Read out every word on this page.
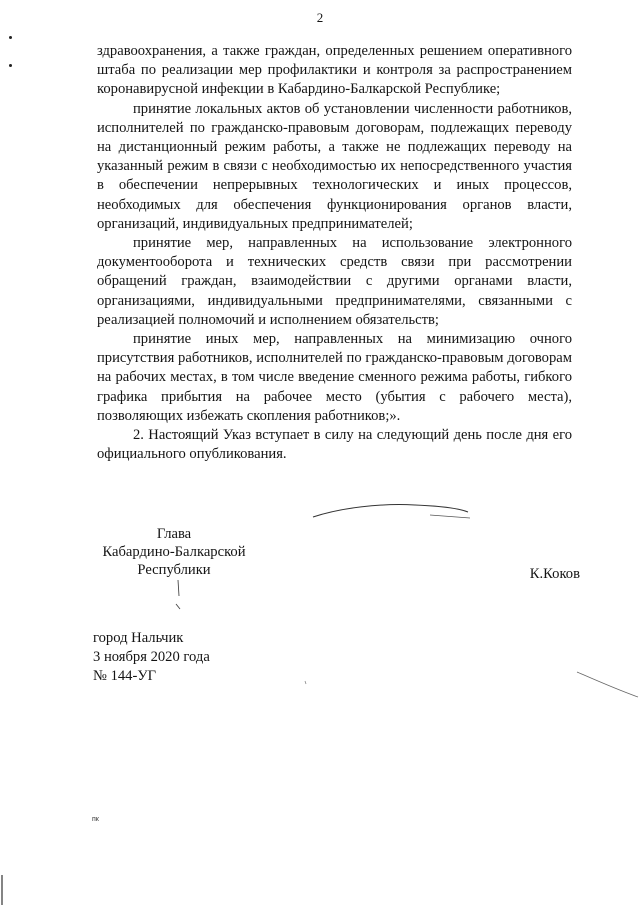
2

здравоохранения, а также граждан, определенных решением оперативного штаба по реализации мер профилактики и контроля за распространением коронавирусной инфекции в Кабардино-Балкарской Республике;

принятие локальных актов об установлении численности работников, исполнителей по гражданско-правовым договорам, подлежащих переводу на дистанционный режим работы, а также не подлежащих переводу на указанный режим в связи с необходимостью их непосредственного участия в обеспечении непрерывных технологических и иных процессов, необходимых для обеспечения функционирования органов власти, организаций, индивидуальных предпринимателей;

принятие мер, направленных на использование электронного документооборота и технических средств связи при рассмотрении обращений граждан, взаимодействии с другими органами власти, организациями, индивидуальными предпринимателями, связанными с реализацией полномочий и исполнением обязательств;

принятие иных мер, направленных на минимизацию очного присутствия работников, исполнителей по гражданско-правовым договорам на рабочих местах, в том числе введение сменного режима работы, гибкого графика прибытия на рабочее место (убытия с рабочего места), позволяющих избежать скопления работников;».

2. Настоящий Указ вступает в силу на следующий день после дня его официального опубликования.

Глава
Кабардино-Балкарской
Республики	К.Коков
город Нальчик
3 ноября 2020 года
№ 144-УГ
пк
